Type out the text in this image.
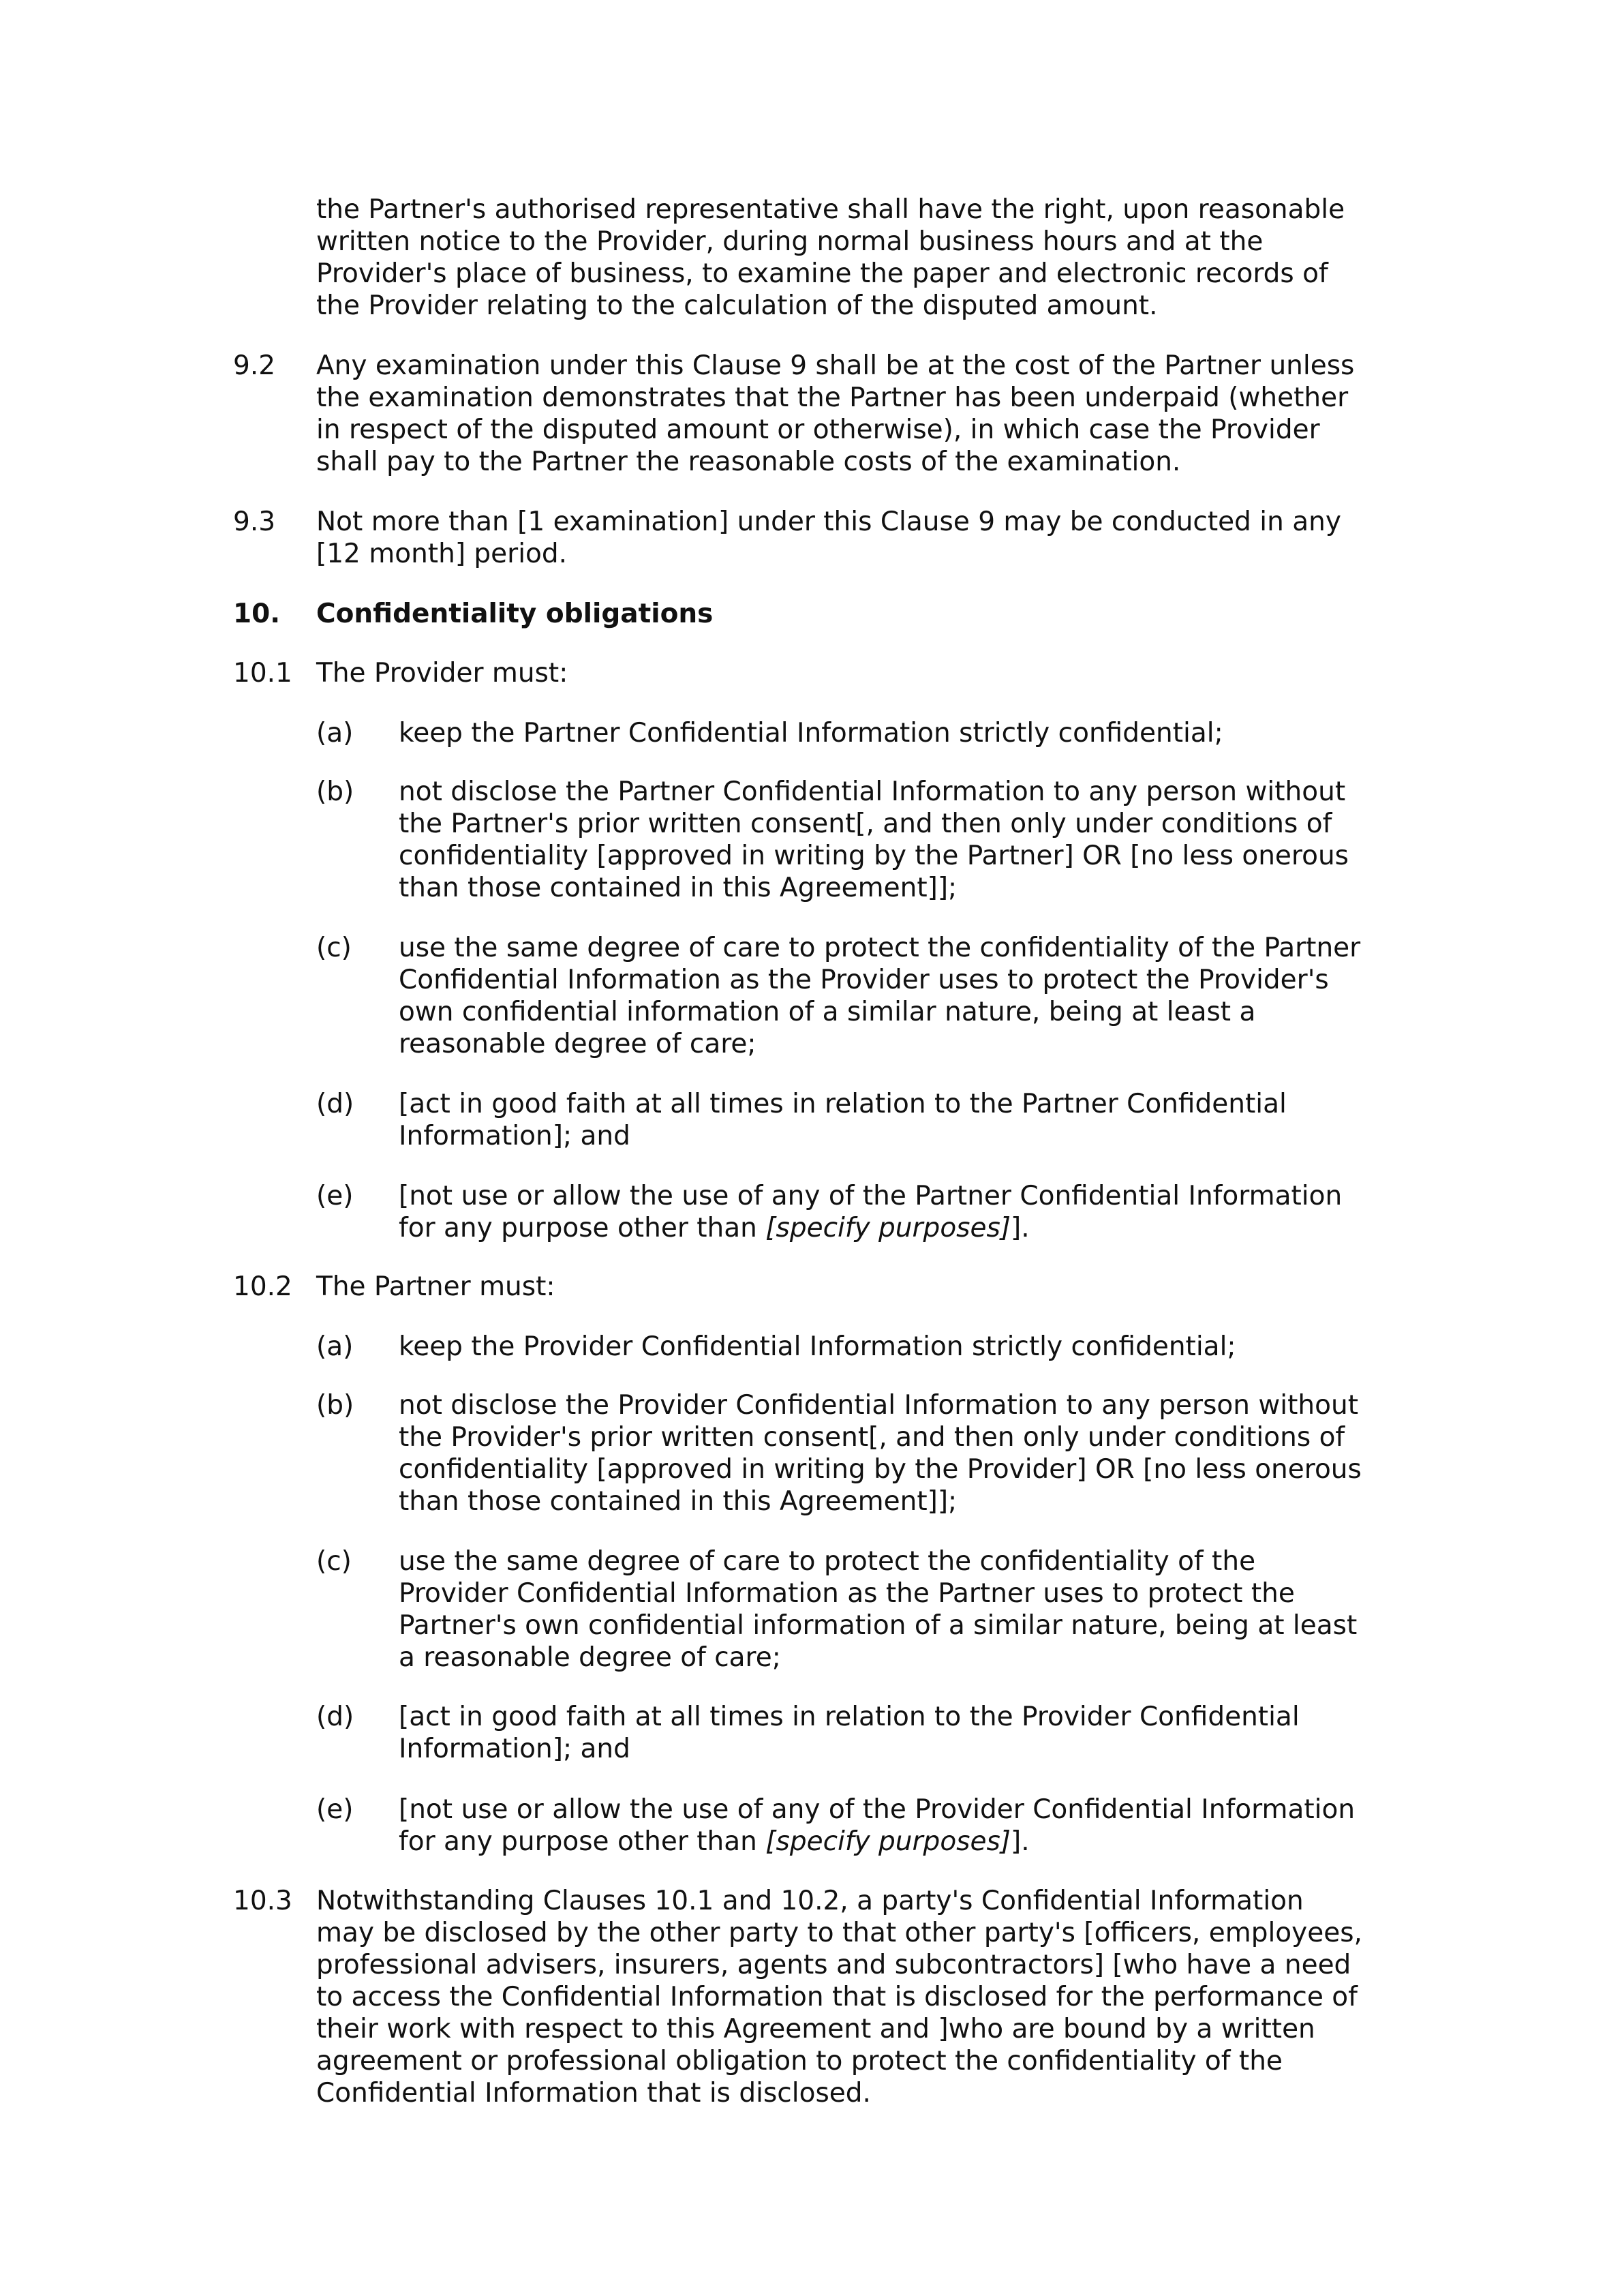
the Partner's authorised representative shall have the right, upon reasonable
written notice to the Provider, during normal business hours and at the
Provider's place of business, to examine the paper and electronic records of
the Provider relating to the calculation of the disputed amount.
9.2 Any examination under this Clause 9 shall be at the cost of the Partner unless
the examination demonstrates that the Partner has been underpaid (whether
in respect of the disputed amount or otherwise), in which case the Provider
shall pay to the Partner the reasonable costs of the examination.
9.3 Not more than [1 examination] under this Clause 9 may be conducted in any
[12 month] period.
10. Confidentiality obligations
10.1 The Provider must:
(a) keep the Partner Confidential Information strictly confidential;
(b) not disclose the Partner Confidential Information to any person without
the Partner's prior written consent[, and then only under conditions of
confidentiality [approved in writing by the Partner] OR [no less onerous
than those contained in this Agreement]];
(c) use the same degree of care to protect the confidentiality of the Partner
Confidential Information as the Provider uses to protect the Provider's
own confidential information of a similar nature, being at least a
reasonable degree of care;
(d) [act in good faith at all times in relation to the Partner Confidential
Information]; and
(e) [not use or allow the use of any of the Partner Confidential Information
for any purpose other than [specify purposes]].
10.2 The Partner must:
(a) keep the Provider Confidential Information strictly confidential;
(b) not disclose the Provider Confidential Information to any person without
the Provider's prior written consent[, and then only under conditions of
confidentiality [approved in writing by the Provider] OR [no less onerous
than those contained in this Agreement]];
(c) use the same degree of care to protect the confidentiality of the
Provider Confidential Information as the Partner uses to protect the
Partner's own confidential information of a similar nature, being at least
a reasonable degree of care;
(d) [act in good faith at all times in relation to the Provider Confidential
Information]; and
(e) [not use or allow the use of any of the Provider Confidential Information
for any purpose other than [specify purposes]].
10.3 Notwithstanding Clauses 10.1 and 10.2, a party's Confidential Information
may be disclosed by the other party to that other party's [officers, employees,
professional advisers, insurers, agents and subcontractors] [who have a need
to access the Confidential Information that is disclosed for the performance of
their work with respect to this Agreement and ]who are bound by a written
agreement or professional obligation to protect the confidentiality of the
Confidential Information that is disclosed.
